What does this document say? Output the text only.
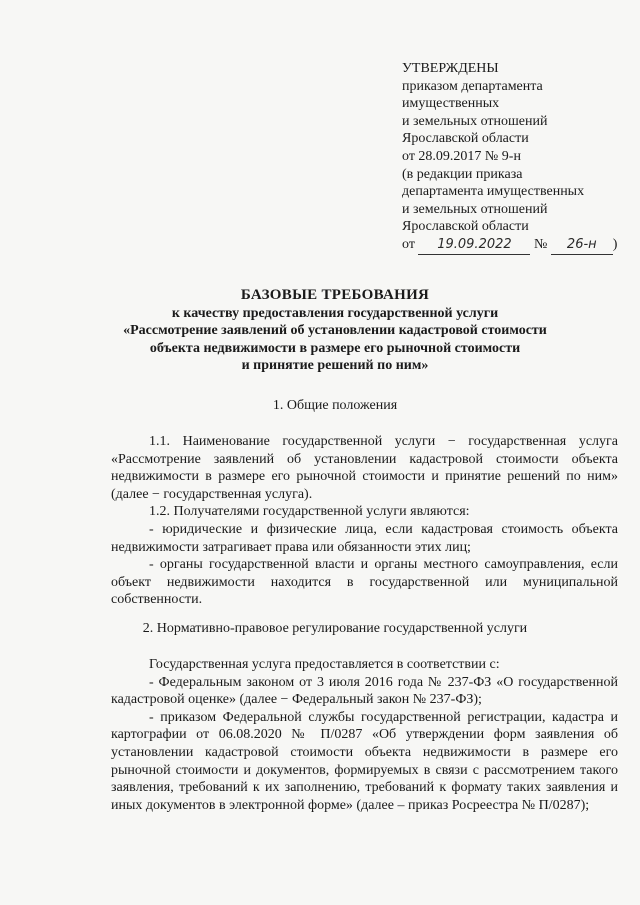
УТВЕРЖДЕНЫ
приказом департамента
имущественных
и земельных отношений
Ярославской области
от 28.09.2017 № 9-н
(в редакции приказа
департамента имущественных
и земельных отношений
Ярославской области
от 19.09.2022 № 26-н )
БАЗОВЫЕ ТРЕБОВАНИЯ
к качеству предоставления государственной услуги
«Рассмотрение заявлений об установлении кадастровой стоимости
объекта недвижимости в размере его рыночной стоимости
и принятие решений по ним»
1. Общие положения

1.1. Наименование государственной услуги − государственная услуга «Рассмотрение заявлений об установлении кадастровой стоимости объекта недвижимости в размере его рыночной стоимости и принятие решений по ним» (далее − государственная услуга).

1.2. Получателями государственной услуги являются:

- юридические и физические лица, если кадастровая стоимость объекта недвижимости затрагивает права или обязанности этих лиц;

- органы государственной власти и органы местного самоуправления, если объект недвижимости находится в государственной или муниципальной собственности.

2. Нормативно-правовое регулирование государственной услуги

Государственная услуга предоставляется в соответствии с:

- Федеральным законом от 3 июля 2016 года № 237-ФЗ «О государственной кадастровой оценке» (далее − Федеральный закон № 237-ФЗ);

- приказом Федеральной службы государственной регистрации, кадастра и картографии от 06.08.2020 № П/0287 «Об утверждении форм заявления об установлении кадастровой стоимости объекта недвижимости в размере его рыночной стоимости и документов, формируемых в связи с рассмотрением такого заявления, требований к их заполнению, требований к формату таких заявления и иных документов в электронной форме» (далее – приказ Росреестра № П/0287);
